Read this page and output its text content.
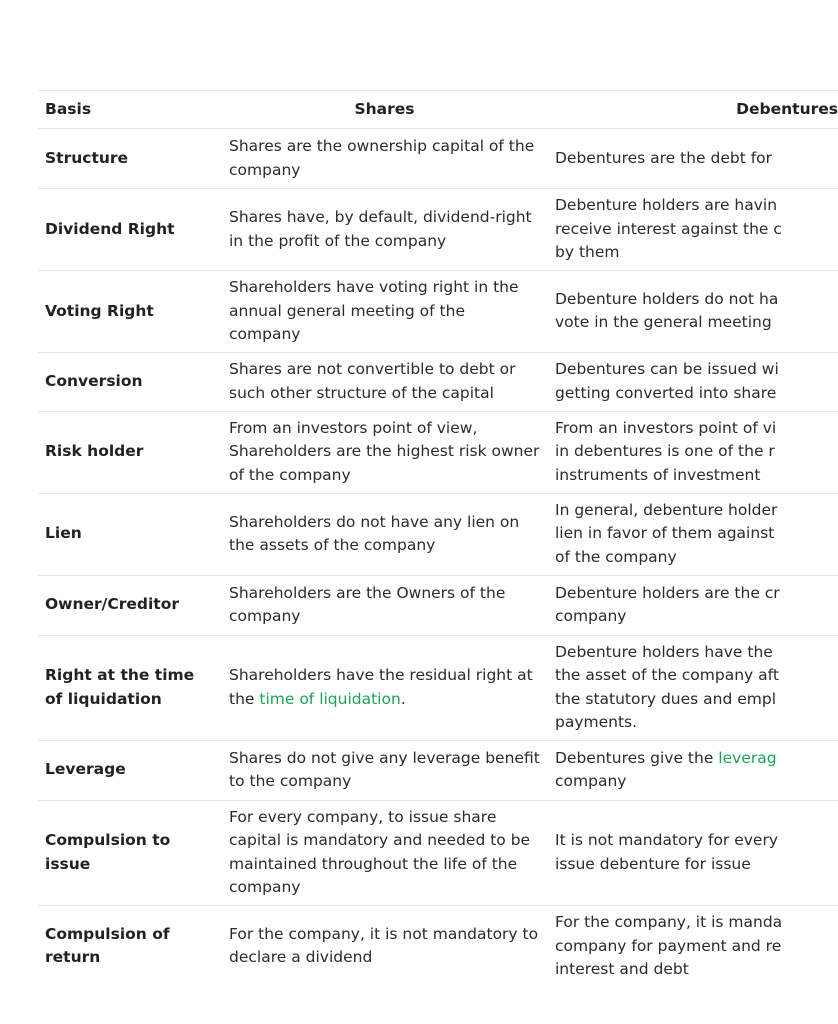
Basis	Shares	Debentures
Structure	Shares are the ownership capital of the company	Debentures are the debt for
Dividend Right	Shares have, by default, dividend-right in the profit of the company	Debenture holders are havin
receive interest against the c
by them
Voting Right	Shareholders have voting right in the annual general meeting of the company	Debenture holders do not ha
vote in the general meeting
Conversion	Shares are not convertible to debt or such other structure of the capital	Debentures can be issued wi
getting converted into share
Risk holder	From an investors point of view, Shareholders are the highest risk owner of the company	From an investors point of vi
in debentures is one of the r
instruments of investment
Lien	Shareholders do not have any lien on the assets of the company	In general, debenture holder
lien in favor of them against
of the company
Owner/Creditor	Shareholders are the Owners of the company	Debenture holders are the cr
company
Right at the time of liquidation	Shareholders have the residual right at the time of liquidation.	Debenture holders have the
the asset of the company aft
the statutory dues and empl
payments.
Leverage	Shares do not give any leverage benefit to the company	Debentures give the leverag
company
Compulsion to issue	For every company, to issue share capital is mandatory and needed to be maintained throughout the life of the company	It is not mandatory for every
issue debenture for issue
Compulsion of return	For the company, it is not mandatory to declare a dividend	For the company, it is manda
company for payment and re
interest and debt
